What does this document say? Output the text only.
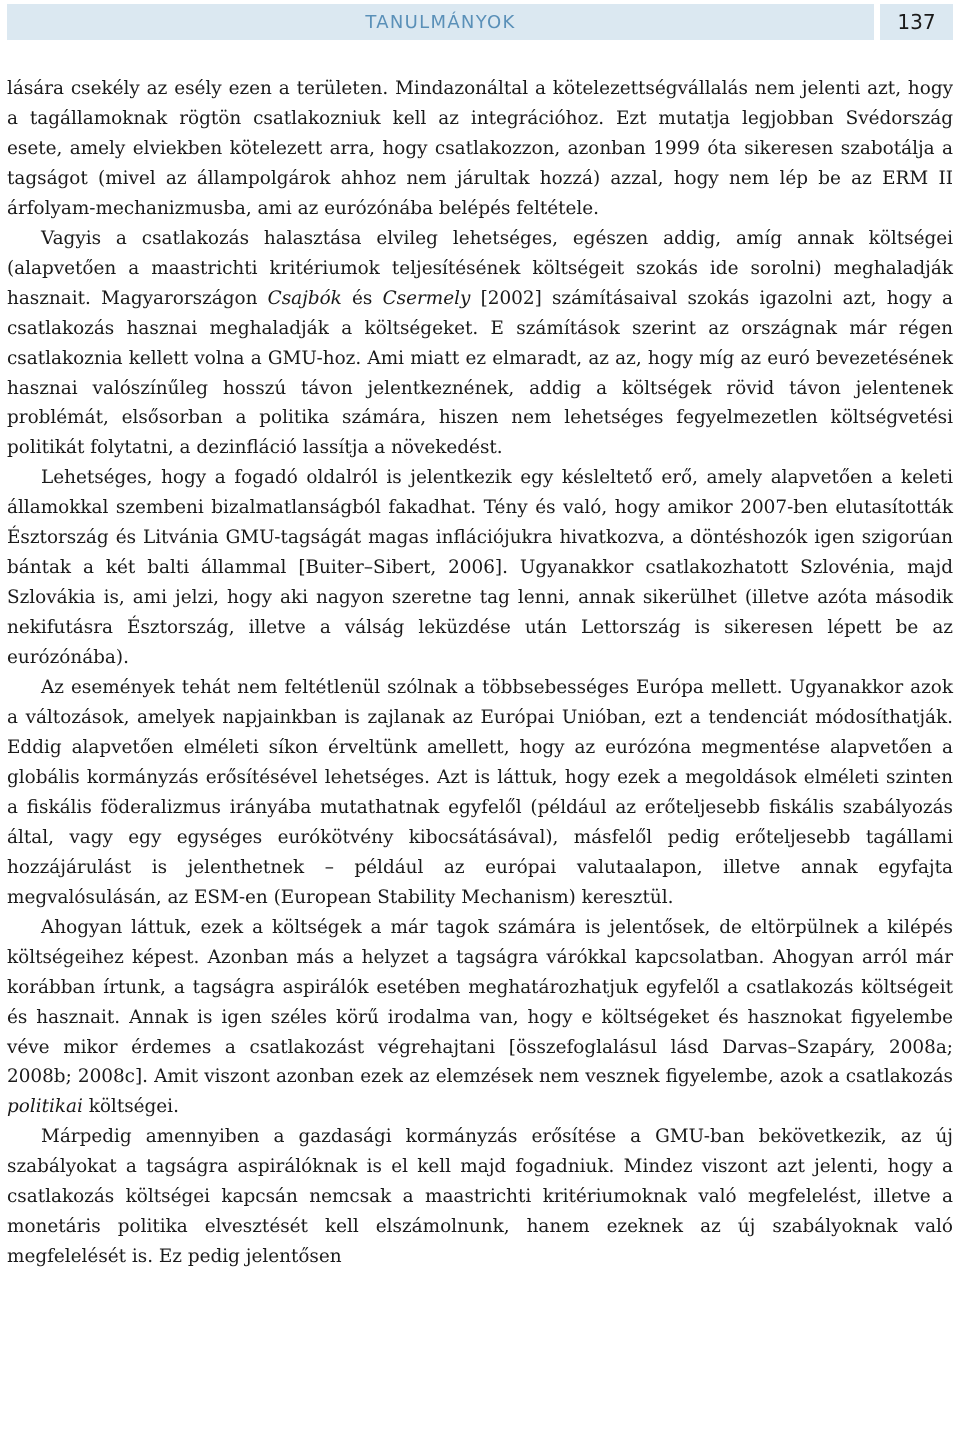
TANULMÁNYOK	137

lására csekély az esély ezen a területen. Mindazonáltal a kötelezettségvállalás nem jelenti azt, hogy a tagállamoknak rögtön csatlakozniuk kell az integrációhoz. Ezt mutatja legjobban Svédország esete, amely elviekben kötelezett arra, hogy csatlakozzon, azonban 1999 óta sikeresen szabotálja a tagságot (mivel az állampolgárok ahhoz nem járultak hozzá) azzal, hogy nem lép be az ERM II árfolyam-mechanizmusba, ami az eurózónába belépés feltétele.

Vagyis a csatlakozás halasztása elvileg lehetséges, egészen addig, amíg annak költségei (alapvetően a maastrichti kritériumok teljesítésének költségeit szokás ide sorolni) meghaladják hasznait. Magyarországon Csajbók és Csermely [2002] számításaival szokás igazolni azt, hogy a csatlakozás hasznai meghaladják a költségeket. E számítások szerint az országnak már régen csatlakoznia kellett volna a GMU-hoz. Ami miatt ez elmaradt, az az, hogy míg az euró bevezetésének hasznai valószínűleg hosszú távon jelentkeznének, addig a költségek rövid távon jelentenek problémát, elsősorban a politika számára, hiszen nem lehetséges fegyelmezetlen költségvetési politikát folytatni, a dezinfláció lassítja a növekedést.

Lehetséges, hogy a fogadó oldalról is jelentkezik egy késleltető erő, amely alapvetően a keleti államokkal szembeni bizalmatlanságból fakadhat. Tény és való, hogy amikor 2007-ben elutasították Észtország és Litvánia GMU-tagságát magas inflációjukra hivatkozva, a döntéshozók igen szigorúan bántak a két balti állammal [Buiter–Sibert, 2006]. Ugyanakkor csatlakozhatott Szlovénia, majd Szlovákia is, ami jelzi, hogy aki nagyon szeretne tag lenni, annak sikerülhet (illetve azóta második nekifutásra Észtország, illetve a válság leküzdése után Lettország is sikeresen lépett be az eurózónába).

Az események tehát nem feltétlenül szólnak a többsebességes Európa mellett. Ugyanakkor azok a változások, amelyek napjainkban is zajlanak az Európai Unióban, ezt a tendenciát módosíthatják. Eddig alapvetően elméleti síkon érveltünk amellett, hogy az eurózóna megmentése alapvetően a globális kormányzás erősítésével lehetséges. Azt is láttuk, hogy ezek a megoldások elméleti szinten a fiskális föderalizmus irányába mutathatnak egyfelől (például az erőteljesebb fiskális szabályozás által, vagy egy egységes eurókötvény kibocsátásával), másfelől pedig erőteljesebb tagállami hozzájárulást is jelenthetnek – például az európai valutaalapon, illetve annak egyfajta megvalósulásán, az ESM-en (European Stability Mechanism) keresztül.

Ahogyan láttuk, ezek a költségek a már tagok számára is jelentősek, de eltörpülnek a kilépés költségeihez képest. Azonban más a helyzet a tagságra várókkal kapcsolatban. Ahogyan arról már korábban írtunk, a tagságra aspirálók esetében meghatározhatjuk egyfelől a csatlakozás költségeit és hasznait. Annak is igen széles körű irodalma van, hogy e költségeket és hasznokat figyelembe véve mikor érdemes a csatlakozást végrehajtani [összefoglalásul lásd Darvas–Szapáry, 2008a; 2008b; 2008c]. Amit viszont azonban ezek az elemzések nem vesznek figyelembe, azok a csatlakozás politikai költségei.

Márpedig amennyiben a gazdasági kormányzás erősítése a GMU-ban bekövetkezik, az új szabályokat a tagságra aspirálóknak is el kell majd fogadniuk. Mindez viszont azt jelenti, hogy a csatlakozás költségei kapcsán nemcsak a maastrichti kritériumoknak való megfelelést, illetve a monetáris politika elvesztését kell elszámolnunk, hanem ezeknek az új szabályoknak való megfelelését is. Ez pedig jelentősen
